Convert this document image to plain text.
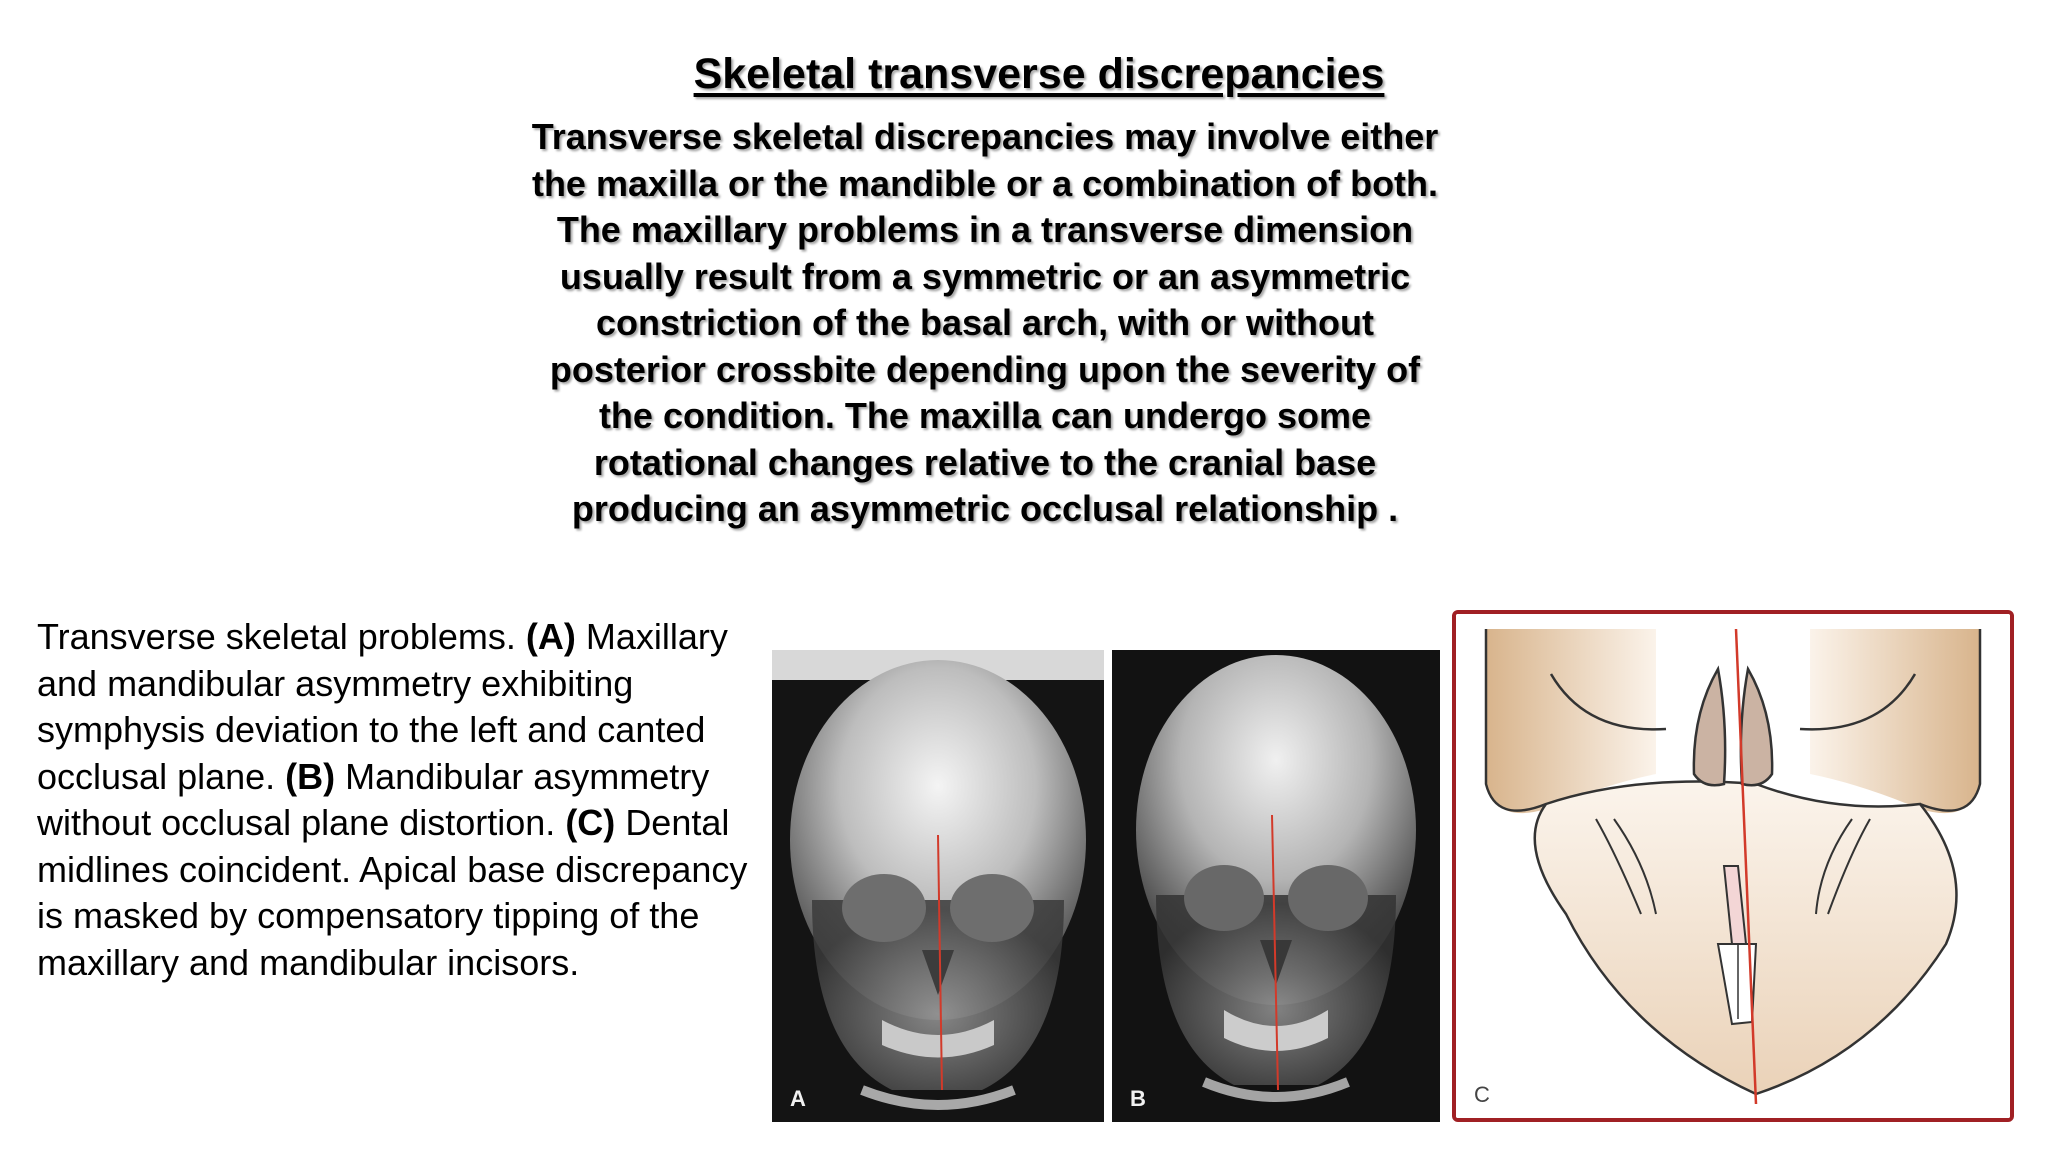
Skeletal transverse discrepancies
Transverse skeletal discrepancies may involve either
the maxilla or the mandible or a combination of both.
The maxillary problems in a transverse dimension
usually result from a symmetric or an asymmetric
constriction of the basal arch, with or without
posterior crossbite depending upon the severity of
the condition. The maxilla can undergo some
rotational changes relative to the cranial base
producing an asymmetric occlusal relationship .
Transverse skeletal problems. (A) Maxillary and mandibular asymmetry exhibiting symphysis deviation to the left and canted occlusal plane. (B) Mandibular asymmetry without occlusal plane distortion. (C) Dental midlines coincident. Apical base discrepancy is masked by compensatory tipping of the maxillary and mandibular incisors.
A	B	C
